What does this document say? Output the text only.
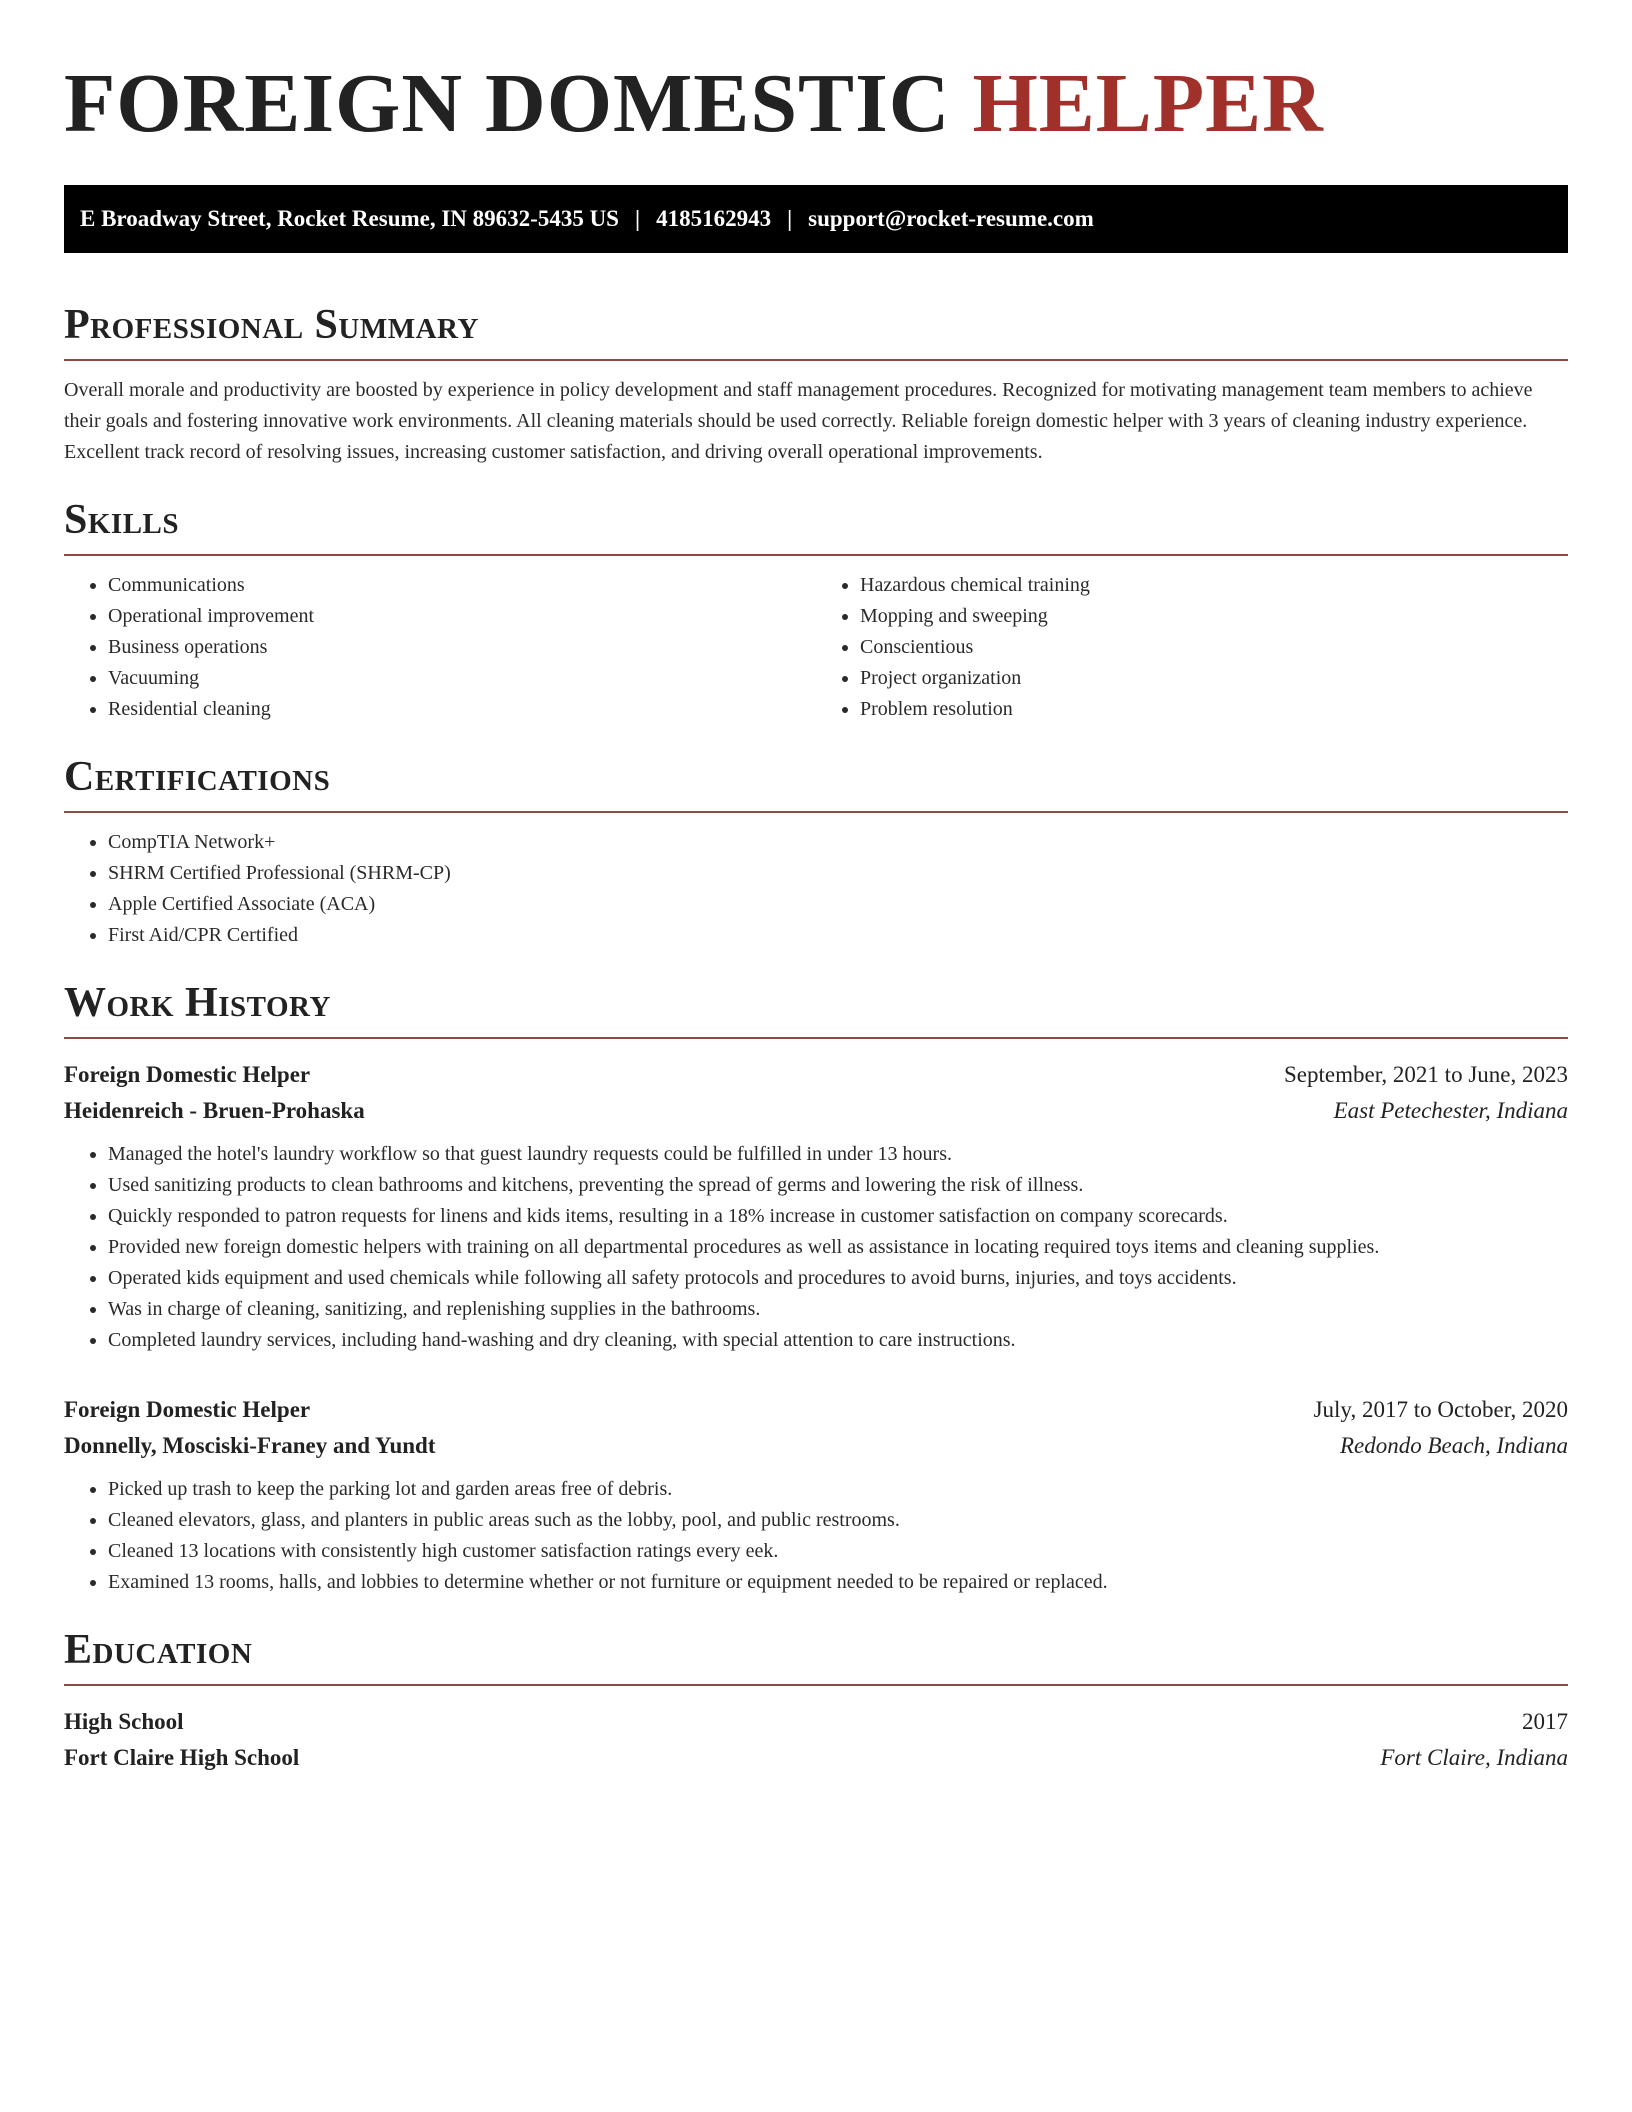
FOREIGN DOMESTIC HELPER
E Broadway Street, Rocket Resume, IN 89632-5435 US | 4185162943 | support@rocket-resume.com
Professional Summary

Overall morale and productivity are boosted by experience in policy development and staff management procedures. Recognized for motivating management team members to achieve their goals and fostering innovative work environments. All cleaning materials should be used correctly. Reliable foreign domestic helper with 3 years of cleaning industry experience. Excellent track record of resolving issues, increasing customer satisfaction, and driving overall operational improvements.

Skills
• Communications
• Operational improvement
• Business operations
• Vacuuming
• Residential cleaning
• Hazardous chemical training
• Mopping and sweeping
• Conscientious
• Project organization
• Problem resolution
Certifications
• CompTIA Network+
• SHRM Certified Professional (SHRM-CP)
• Apple Certified Associate (ACA)
• First Aid/CPR Certified
Work History
Foreign Domestic Helper	September, 2021 to June, 2023
Heidenreich - Bruen-Prohaska	East Petechester, Indiana
• Managed the hotel's laundry workflow so that guest laundry requests could be fulfilled in under 13 hours.
• Used sanitizing products to clean bathrooms and kitchens, preventing the spread of germs and lowering the risk of illness.
• Quickly responded to patron requests for linens and kids items, resulting in a 18% increase in customer satisfaction on company scorecards.
• Provided new foreign domestic helpers with training on all departmental procedures as well as assistance in locating required toys items and cleaning supplies.
• Operated kids equipment and used chemicals while following all safety protocols and procedures to avoid burns, injuries, and toys accidents.
• Was in charge of cleaning, sanitizing, and replenishing supplies in the bathrooms.
• Completed laundry services, including hand-washing and dry cleaning, with special attention to care instructions.
Foreign Domestic Helper	July, 2017 to October, 2020
Donnelly, Mosciski-Franey and Yundt	Redondo Beach, Indiana
• Picked up trash to keep the parking lot and garden areas free of debris.
• Cleaned elevators, glass, and planters in public areas such as the lobby, pool, and public restrooms.
• Cleaned 13 locations with consistently high customer satisfaction ratings every eek.
• Examined 13 rooms, halls, and lobbies to determine whether or not furniture or equipment needed to be repaired or replaced.
Education
High School	2017
Fort Claire High School	Fort Claire, Indiana
